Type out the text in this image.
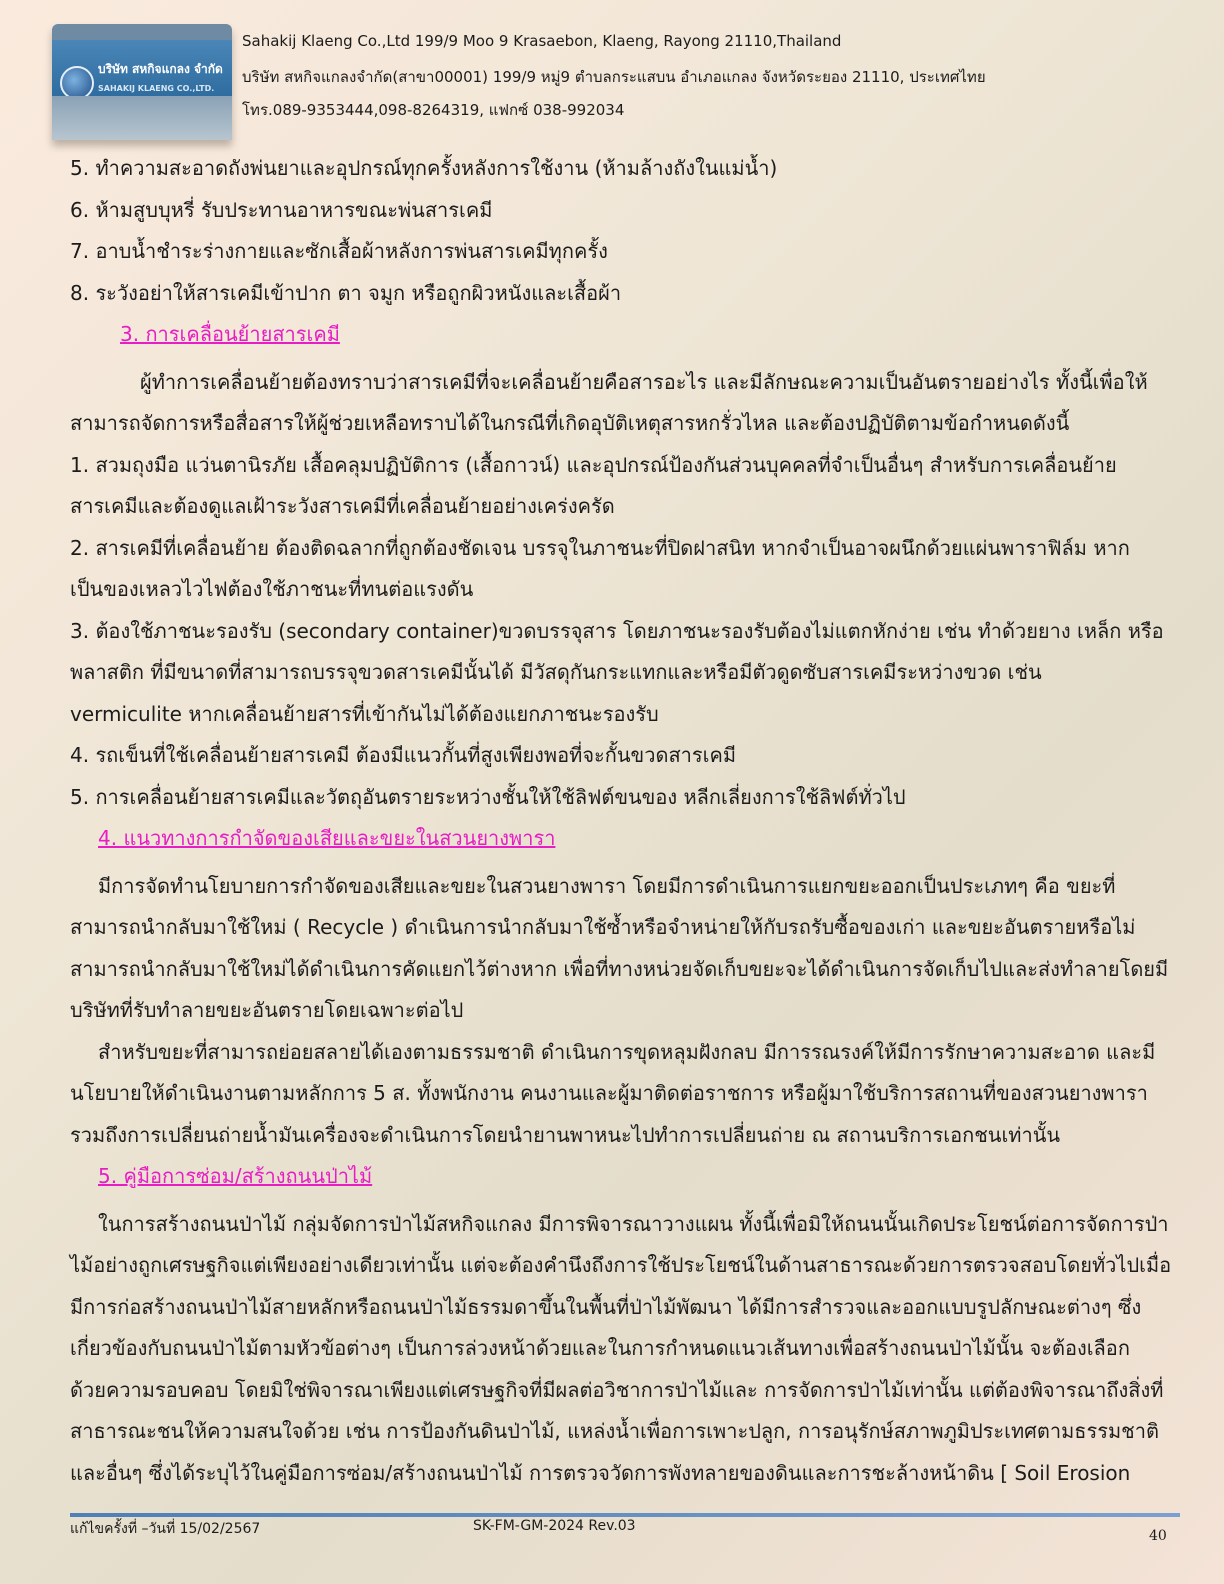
บริษัท สหกิจแกลง จำกัด
SAHAKIJ KLAENG CO.,LTD.
Sahakij Klaeng Co.,Ltd 199/9 Moo 9 Krasaebon, Klaeng, Rayong 21110,Thailand
บริษัท สหกิจแกลงจำกัด(สาขา00001) 199/9 หมู่9 ตำบลกระแสบน อำเภอแกลง จังหวัดระยอง 21110, ประเทศไทย
โทร.089-9353444,098-8264319, แฟกซ์ 038-992034

5. ทำความสะอาดถังพ่นยาและอุปกรณ์ทุกครั้งหลังการใช้งาน (ห้ามล้างถังในแม่น้ำ)

6. ห้ามสูบบุหรี่ รับประทานอาหารขณะพ่นสารเคมี

7. อาบน้ำชำระร่างกายและซักเสื้อผ้าหลังการพ่นสารเคมีทุกครั้ง

8. ระวังอย่าให้สารเคมีเข้าปาก ตา จมูก หรือถูกผิวหนังและเสื้อผ้า

3. การเคลื่อนย้ายสารเคมี

ผู้ทำการเคลื่อนย้ายต้องทราบว่าสารเคมีที่จะเคลื่อนย้ายคือสารอะไร และมีลักษณะความเป็นอันตรายอย่างไร ทั้งนี้เพื่อให้

สามารถจัดการหรือสื่อสารให้ผู้ช่วยเหลือทราบได้ในกรณีที่เกิดอุบัติเหตุสารหกรั่วไหล และต้องปฏิบัติตามข้อกำหนดดังนี้

1. สวมถุงมือ แว่นตานิรภัย เสื้อคลุมปฏิบัติการ (เสื้อกาวน์) และอุปกรณ์ป้องกันส่วนบุคคลที่จำเป็นอื่นๆ สำหรับการเคลื่อนย้าย

สารเคมีและต้องดูแลเฝ้าระวังสารเคมีที่เคลื่อนย้ายอย่างเคร่งครัด

2. สารเคมีที่เคลื่อนย้าย ต้องติดฉลากที่ถูกต้องชัดเจน บรรจุในภาชนะที่ปิดฝาสนิท หากจำเป็นอาจผนึกด้วยแผ่นพาราฟิล์ม หาก

เป็นของเหลวไวไฟต้องใช้ภาชนะที่ทนต่อแรงดัน

3. ต้องใช้ภาชนะรองรับ (secondary container)ขวดบรรจุสาร โดยภาชนะรองรับต้องไม่แตกหักง่าย เช่น ทำด้วยยาง เหล็ก หรือ

พลาสติก ที่มีขนาดที่สามารถบรรจุขวดสารเคมีนั้นได้ มีวัสดุกันกระแทกและหรือมีตัวดูดซับสารเคมีระหว่างขวด เช่น

vermiculite หากเคลื่อนย้ายสารที่เข้ากันไม่ได้ต้องแยกภาชนะรองรับ

4. รถเข็นที่ใช้เคลื่อนย้ายสารเคมี ต้องมีแนวกั้นที่สูงเพียงพอที่จะกั้นขวดสารเคมี

5. การเคลื่อนย้ายสารเคมีและวัตถุอันตรายระหว่างชั้นให้ใช้ลิฟต์ขนของ หลีกเลี่ยงการใช้ลิฟต์ทั่วไป

4. แนวทางการกำจัดของเสียและขยะในสวนยางพารา

มีการจัดทำนโยบายการกำจัดของเสียและขยะในสวนยางพารา โดยมีการดำเนินการแยกขยะออกเป็นประเภทๆ คือ ขยะที่

สามารถนำกลับมาใช้ใหม่ ( Recycle ) ดำเนินการนำกลับมาใช้ซ้ำหรือจำหน่ายให้กับรถรับซื้อของเก่า และขยะอันตรายหรือไม่

สามารถนำกลับมาใช้ใหม่ได้ดำเนินการคัดแยกไว้ต่างหาก เพื่อที่ทางหน่วยจัดเก็บขยะจะได้ดำเนินการจัดเก็บไปและส่งทำลายโดยมี

บริษัทที่รับทำลายขยะอันตรายโดยเฉพาะต่อไป

สำหรับขยะที่สามารถย่อยสลายได้เองตามธรรมชาติ ดำเนินการขุดหลุมฝังกลบ มีการรณรงค์ให้มีการรักษาความสะอาด และมี

นโยบายให้ดำเนินงานตามหลักการ 5 ส. ทั้งพนักงาน คนงานและผู้มาติดต่อราชการ หรือผู้มาใช้บริการสถานที่ของสวนยางพารา

รวมถึงการเปลี่ยนถ่ายน้ำมันเครื่องจะดำเนินการโดยนำยานพาหนะไปทำการเปลี่ยนถ่าย ณ สถานบริการเอกชนเท่านั้น

5. คู่มือการซ่อม/สร้างถนนป่าไม้

ในการสร้างถนนป่าไม้ กลุ่มจัดการป่าไม้สหกิจแกลง มีการพิจารณาวางแผน ทั้งนี้เพื่อมิให้ถนนนั้นเกิดประโยชน์ต่อการจัดการป่า

ไม้อย่างถูกเศรษฐกิจแต่เพียงอย่างเดียวเท่านั้น แต่จะต้องคำนึงถึงการใช้ประโยชน์ในด้านสาธารณะด้วยการตรวจสอบโดยทั่วไปเมื่อ

มีการก่อสร้างถนนป่าไม้สายหลักหรือถนนป่าไม้ธรรมดาขึ้นในพื้นที่ป่าไม้พัฒนา ได้มีการสำรวจและออกแบบรูปลักษณะต่างๆ ซึ่ง

เกี่ยวข้องกับถนนป่าไม้ตามหัวข้อต่างๆ เป็นการล่วงหน้าด้วยและในการกำหนดแนวเส้นทางเพื่อสร้างถนนป่าไม้นั้น จะต้องเลือก

ด้วยความรอบคอบ โดยมิใช่พิจารณาเพียงแต่เศรษฐกิจที่มีผลต่อวิชาการป่าไม้และ การจัดการป่าไม้เท่านั้น แต่ต้องพิจารณาถึงสิ่งที่

สาธารณะชนให้ความสนใจด้วย เช่น การป้องกันดินป่าไม้, แหล่งน้ำเพื่อการเพาะปลูก, การอนุรักษ์สภาพภูมิประเทศตามธรรมชาติ

และอื่นๆ ซึ่งได้ระบุไว้ในคู่มือการซ่อม/สร้างถนนป่าไม้ การตรวจวัดการพังทลายของดินและการชะล้างหน้าดิน [ Soil Erosion

แก้ไขครั้งที่ –วันที่ 15/02/2567	SK-FM-GM-2024 Rev.03
40
